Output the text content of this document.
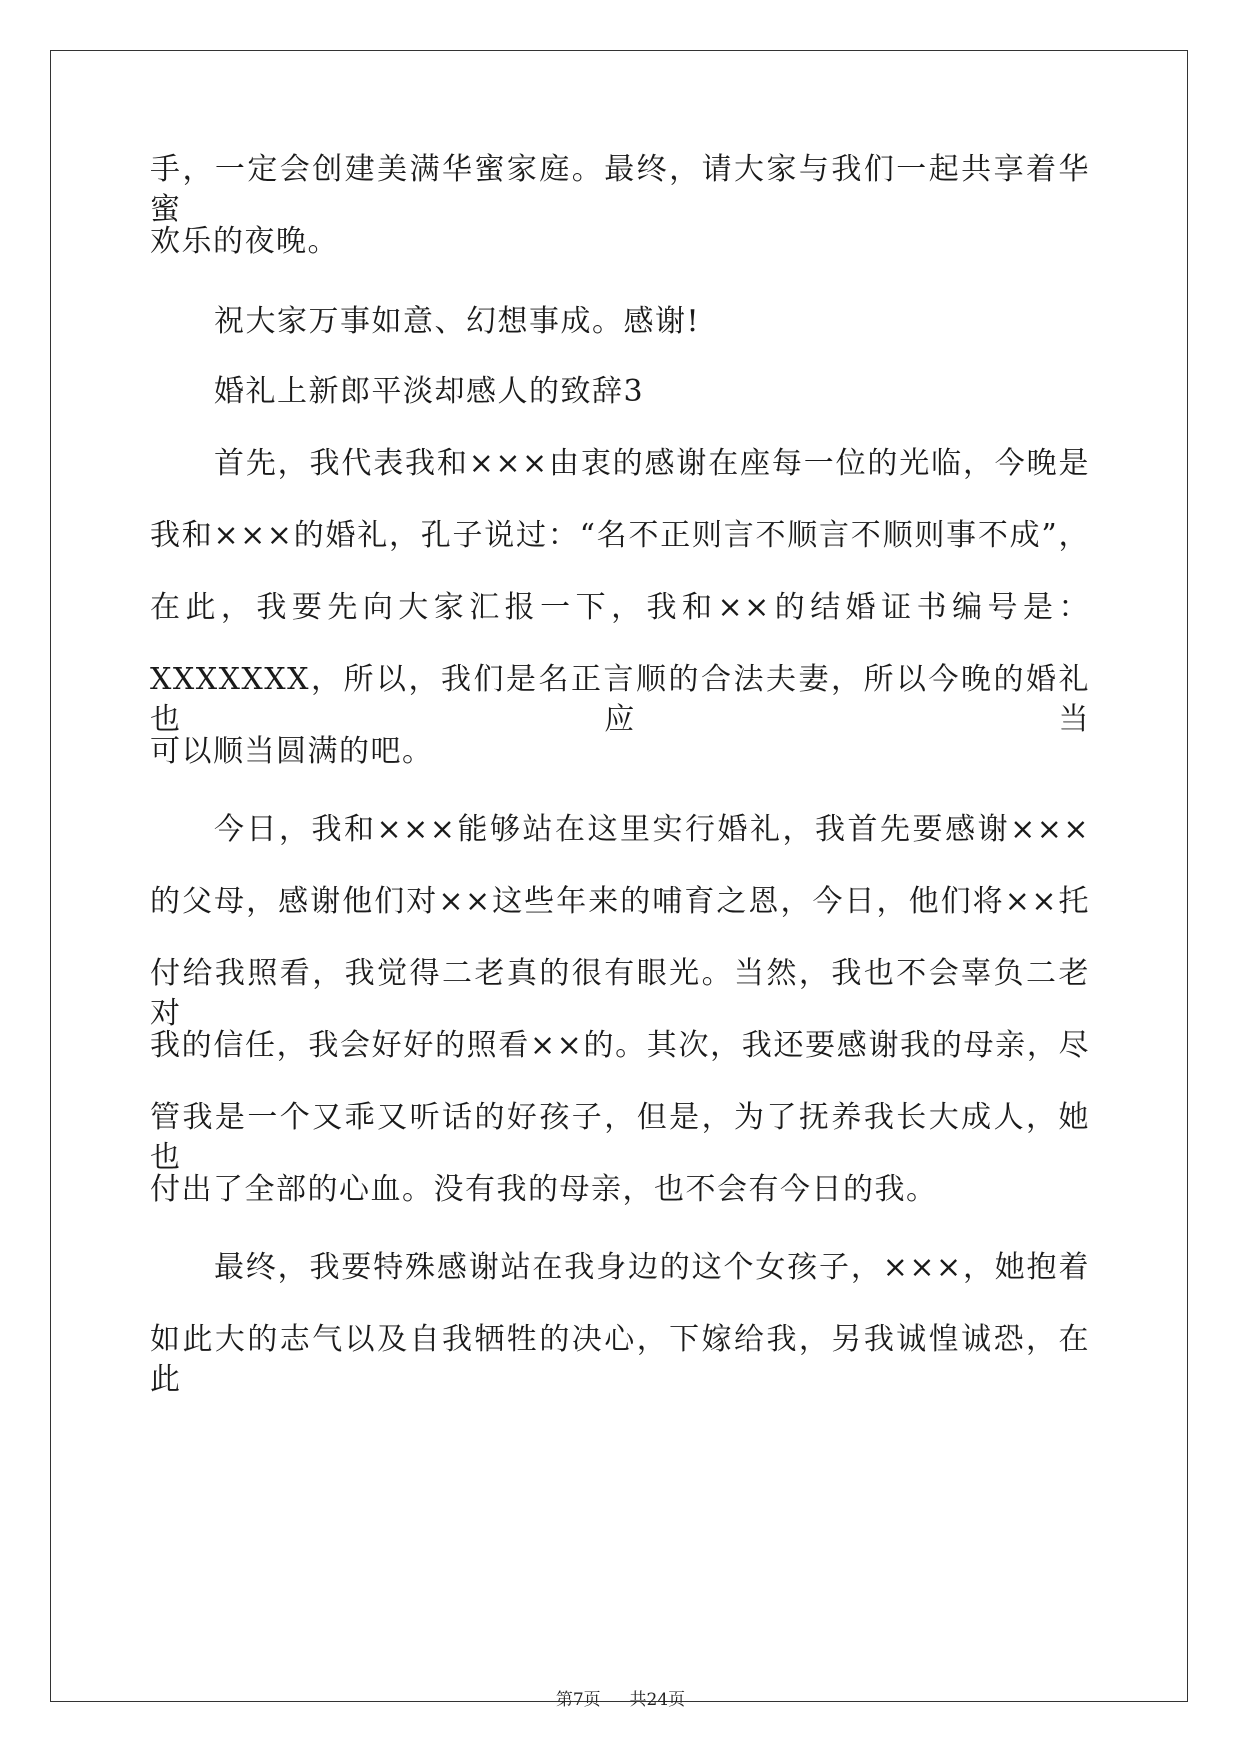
手，一定会创建美满华蜜家庭。最终，请大家与我们一起共享着华蜜
欢乐的夜晚。
祝大家万事如意、幻想事成。感谢!
婚礼上新郎平淡却感人的致辞3
首先，我代表我和×××由衷的感谢在座每一位的光临，今晚是
我和×××的婚礼，孔子说过：“名不正则言不顺言不顺则事不成”，
在此，我要先向大家汇报一下，我和××的结婚证书编号是：
XXXXXXX，所以，我们是名正言顺的合法夫妻，所以今晚的婚礼也应当
可以顺当圆满的吧。
今日，我和×××能够站在这里实行婚礼，我首先要感谢×××
的父母，感谢他们对××这些年来的哺育之恩，今日，他们将××托
付给我照看，我觉得二老真的很有眼光。当然，我也不会辜负二老对
我的信任，我会好好的照看××的。其次，我还要感谢我的母亲，尽
管我是一个又乖又听话的好孩子，但是，为了抚养我长大成人，她也
付出了全部的心血。没有我的母亲，也不会有今日的我。
最终，我要特殊感谢站在我身边的这个女孩子，×××，她抱着
如此大的志气以及自我牺牲的决心，下嫁给我，另我诚惶诚恐，在此
第7页 共24页
